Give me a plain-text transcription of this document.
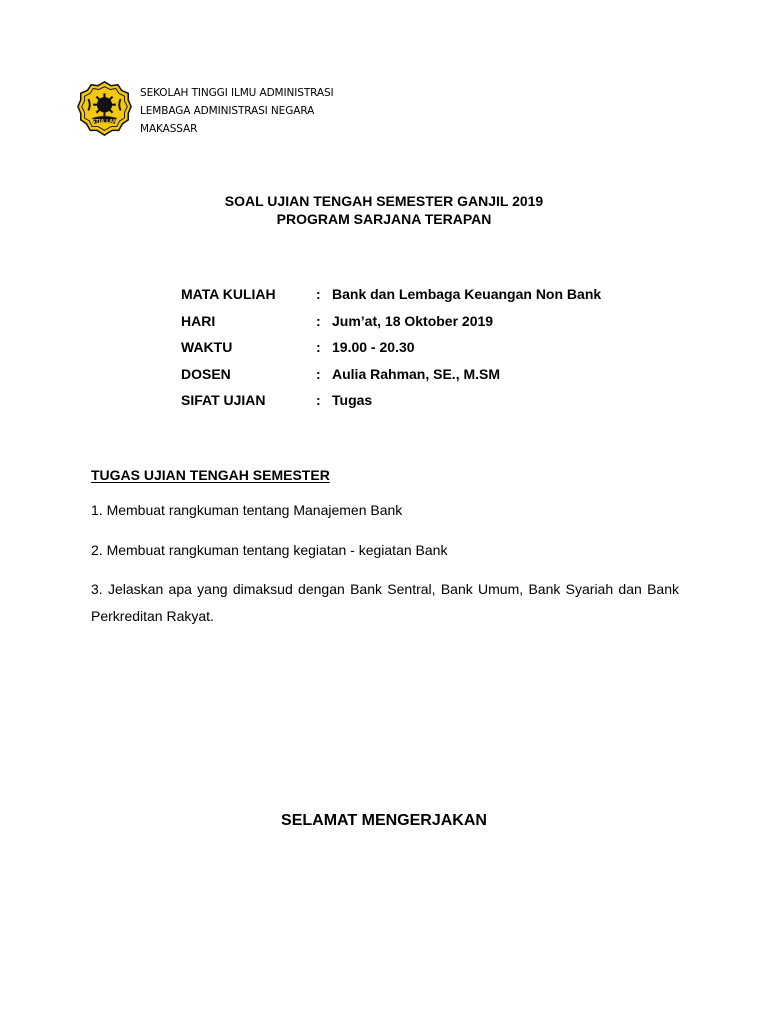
STIA LAN
SEKOLAH TINGGI ILMU ADMINISTRASI
LEMBAGA ADMINISTRASI NEGARA
MAKASSAR
SOAL UJIAN TENGAH SEMESTER GANJIL 2019
PROGRAM SARJANA TERAPAN
MATA KULIAH	: Bank dan Lembaga Keuangan Non Bank
HARI	: Jum’at, 18 Oktober 2019
WAKTU	: 19.00 - 20.30
DOSEN	: Aulia Rahman, SE., M.SM
SIFAT UJIAN	: Tugas
TUGAS UJIAN TENGAH SEMESTER
1. Membuat rangkuman tentang Manajemen Bank
2. Membuat rangkuman tentang kegiatan - kegiatan Bank
3. Jelaskan apa yang dimaksud dengan Bank Sentral, Bank Umum, Bank Syariah dan Bank Perkreditan Rakyat.
SELAMAT MENGERJAKAN
